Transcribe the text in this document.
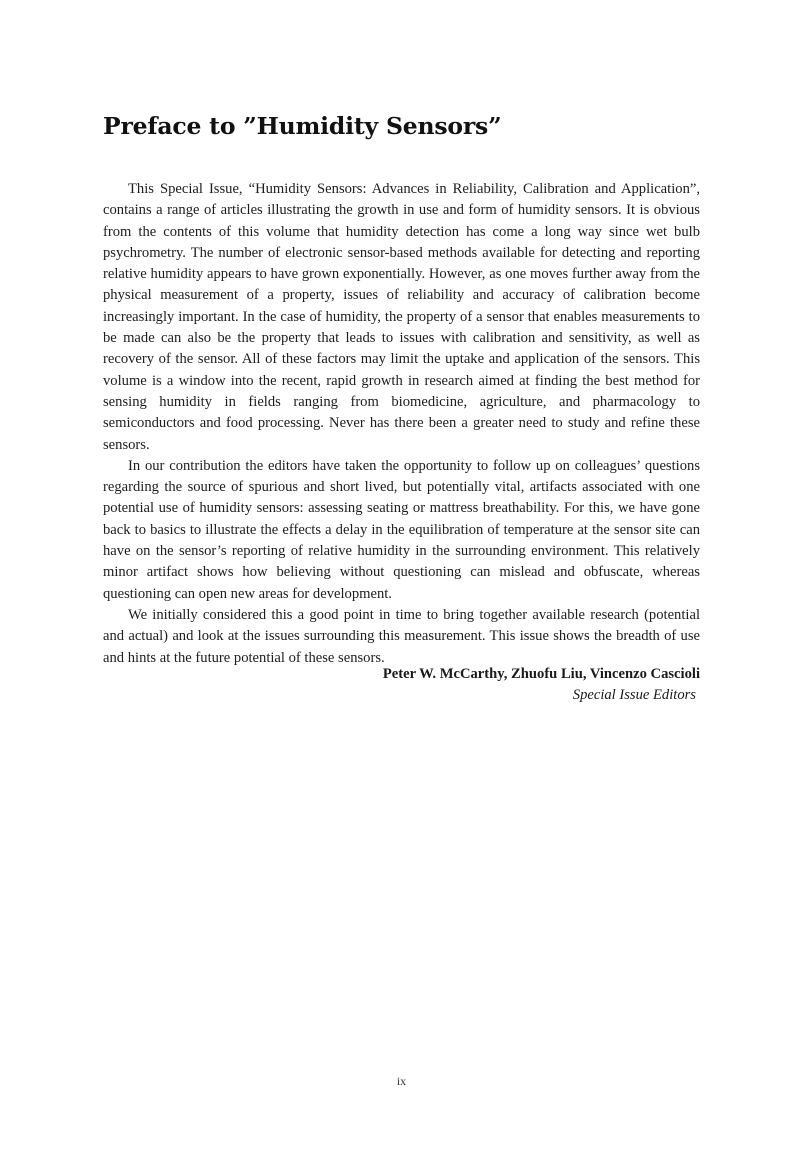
Preface to ”Humidity Sensors”

This Special Issue, “Humidity Sensors: Advances in Reliability, Calibration and Application”, contains a range of articles illustrating the growth in use and form of humidity sensors. It is obvious from the contents of this volume that humidity detection has come a long way since wet bulb psychrometry. The number of electronic sensor-based methods available for detecting and reporting relative humidity appears to have grown exponentially. However, as one moves further away from the physical measurement of a property, issues of reliability and accuracy of calibration become increasingly important. In the case of humidity, the property of a sensor that enables measurements to be made can also be the property that leads to issues with calibration and sensitivity, as well as recovery of the sensor. All of these factors may limit the uptake and application of the sensors. This volume is a window into the recent, rapid growth in research aimed at finding the best method for sensing humidity in fields ranging from biomedicine, agriculture, and pharmacology to semiconductors and food processing. Never has there been a greater need to study and refine these sensors.

In our contribution the editors have taken the opportunity to follow up on colleagues’ questions regarding the source of spurious and short lived, but potentially vital, artifacts associated with one potential use of humidity sensors: assessing seating or mattress breathability. For this, we have gone back to basics to illustrate the effects a delay in the equilibration of temperature at the sensor site can have on the sensor’s reporting of relative humidity in the surrounding environment. This relatively minor artifact shows how believing without questioning can mislead and obfuscate, whereas questioning can open new areas for development.

We initially considered this a good point in time to bring together available research (potential and actual) and look at the issues surrounding this measurement. This issue shows the breadth of use and hints at the future potential of these sensors.

Peter W. McCarthy, Zhuofu Liu, Vincenzo Cascioli
Special Issue Editors
ix
